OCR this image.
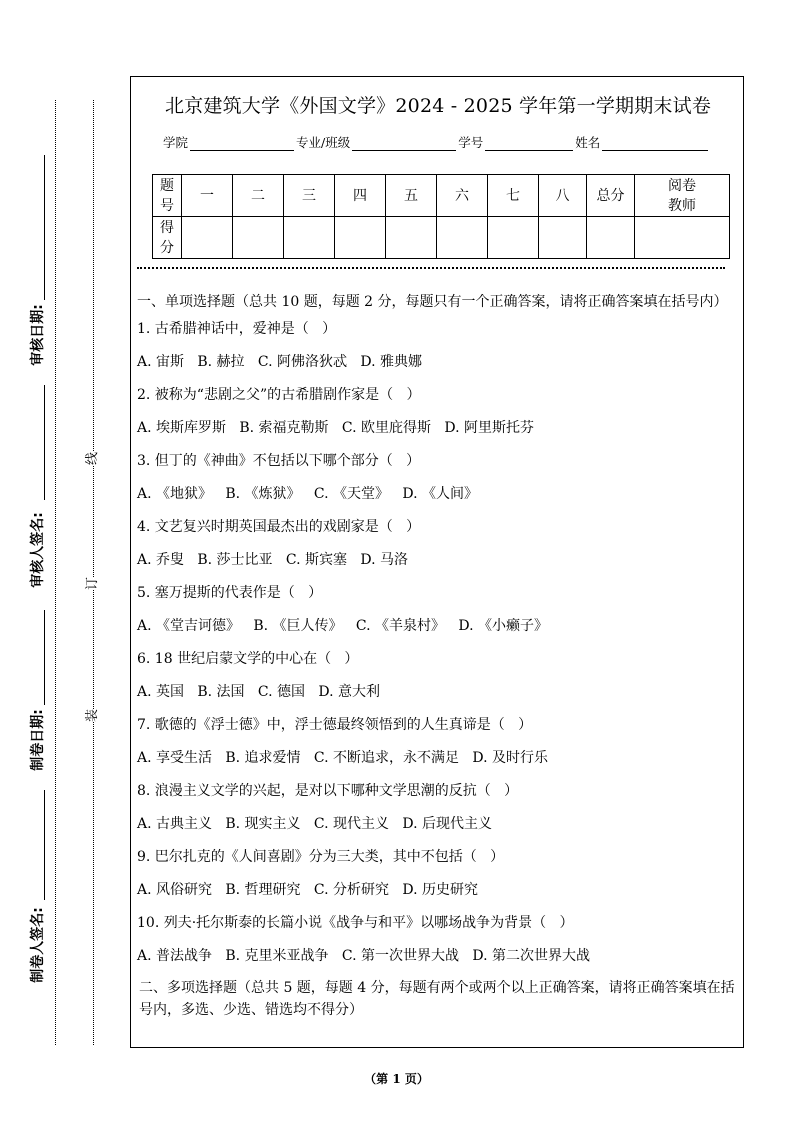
审核日期:
审核人签名:
制卷日期:
制卷人签名:
线
订
装
北京建筑大学《外国文学》2024 - 2025 学年第一学期期末试卷
学院	专业/班级	学号	姓名
题
号	一	二	三	四	五	六	七	八	总分	阅卷
教师
得
分										

一、单项选择题（总共 10 题，每题 2 分，每题只有一个正确答案，请将正确答案填在括号内）

1. 古希腊神话中，爱神是（   ）

A. 宙斯   B. 赫拉   C. 阿佛洛狄忒   D. 雅典娜

2. 被称为“悲剧之父”的古希腊剧作家是（   ）

A. 埃斯库罗斯   B. 索福克勒斯   C. 欧里庇得斯   D. 阿里斯托芬

3. 但丁的《神曲》不包括以下哪个部分（   ）

A. 《地狱》   B. 《炼狱》   C. 《天堂》   D. 《人间》

4. 文艺复兴时期英国最杰出的戏剧家是（   ）

A. 乔叟   B. 莎士比亚   C. 斯宾塞   D. 马洛

5. 塞万提斯的代表作是（   ）

A. 《堂吉诃德》   B. 《巨人传》   C. 《羊泉村》   D. 《小癞子》

6. 18 世纪启蒙文学的中心在（   ）

A. 英国   B. 法国   C. 德国   D. 意大利

7. 歌德的《浮士德》中，浮士德最终领悟到的人生真谛是（   ）

A. 享受生活   B. 追求爱情   C. 不断追求，永不满足   D. 及时行乐

8. 浪漫主义文学的兴起，是对以下哪种文学思潮的反抗（   ）

A. 古典主义   B. 现实主义   C. 现代主义   D. 后现代主义

9. 巴尔扎克的《人间喜剧》分为三大类，其中不包括（   ）

A. 风俗研究   B. 哲理研究   C. 分析研究   D. 历史研究

10. 列夫·托尔斯泰的长篇小说《战争与和平》以哪场战争为背景（   ）

A. 普法战争   B. 克里米亚战争   C. 第一次世界大战   D. 第二次世界大战

二、多项选择题（总共 5 题，每题 4 分，每题有两个或两个以上正确答案，请将正确答案填在括号内，多选、少选、错选均不得分）

（第 1 页）
